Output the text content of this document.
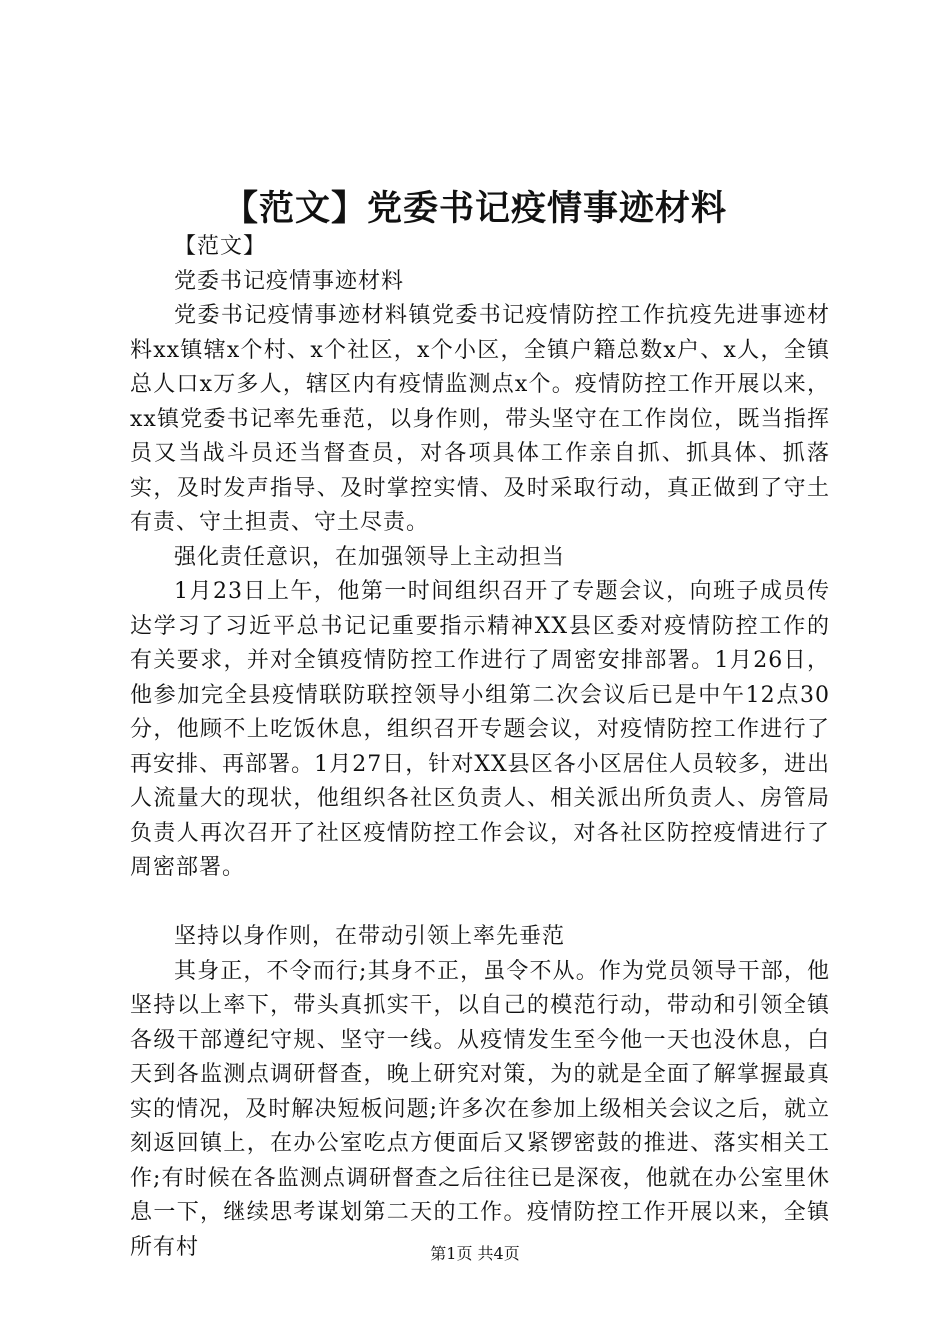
【范文】党委书记疫情事迹材料

【范文】

党委书记疫情事迹材料

党委书记疫情事迹材料镇党委书记疫情防控工作抗疫先进事迹材料xx镇辖x个村、x个社区，x个小区，全镇户籍总数x户、x人，全镇总人口x万多人，辖区内有疫情监测点x个。疫情防控工作开展以来，xx镇党委书记率先垂范，以身作则，带头坚守在工作岗位，既当指挥员又当战斗员还当督查员，对各项具体工作亲自抓、抓具体、抓落实，及时发声指导、及时掌控实情、及时采取行动，真正做到了守土有责、守土担责、守土尽责。

强化责任意识，在加强领导上主动担当

1月23日上午，他第一时间组织召开了专题会议，向班子成员传达学习了习近平总书记记重要指示精神XX县区委对疫情防控工作的有关要求，并对全镇疫情防控工作进行了周密安排部署。1月26日，他参加完全县疫情联防联控领导小组第二次会议后已是中午12点30分，他顾不上吃饭休息，组织召开专题会议，对疫情防控工作进行了再安排、再部署。1月27日，针对XX县区各小区居住人员较多，进出人流量大的现状，他组织各社区负责人、相关派出所负责人、房管局负责人再次召开了社区疫情防控工作会议，对各社区防控疫情进行了周密部署。

坚持以身作则，在带动引领上率先垂范

其身正，不令而行;其身不正，虽令不从。作为党员领导干部，他坚持以上率下，带头真抓实干，以自己的模范行动，带动和引领全镇各级干部遵纪守规、坚守一线。从疫情发生至今他一天也没休息，白天到各监测点调研督查，晚上研究对策，为的就是全面了解掌握最真实的情况，及时解决短板问题;许多次在参加上级相关会议之后，就立刻返回镇上，在办公室吃点方便面后又紧锣密鼓的推进、落实相关工作;有时候在各监测点调研督查之后往往已是深夜，他就在办公室里休息一下，继续思考谋划第二天的工作。疫情防控工作开展以来，全镇所有村	第1页 共4页
